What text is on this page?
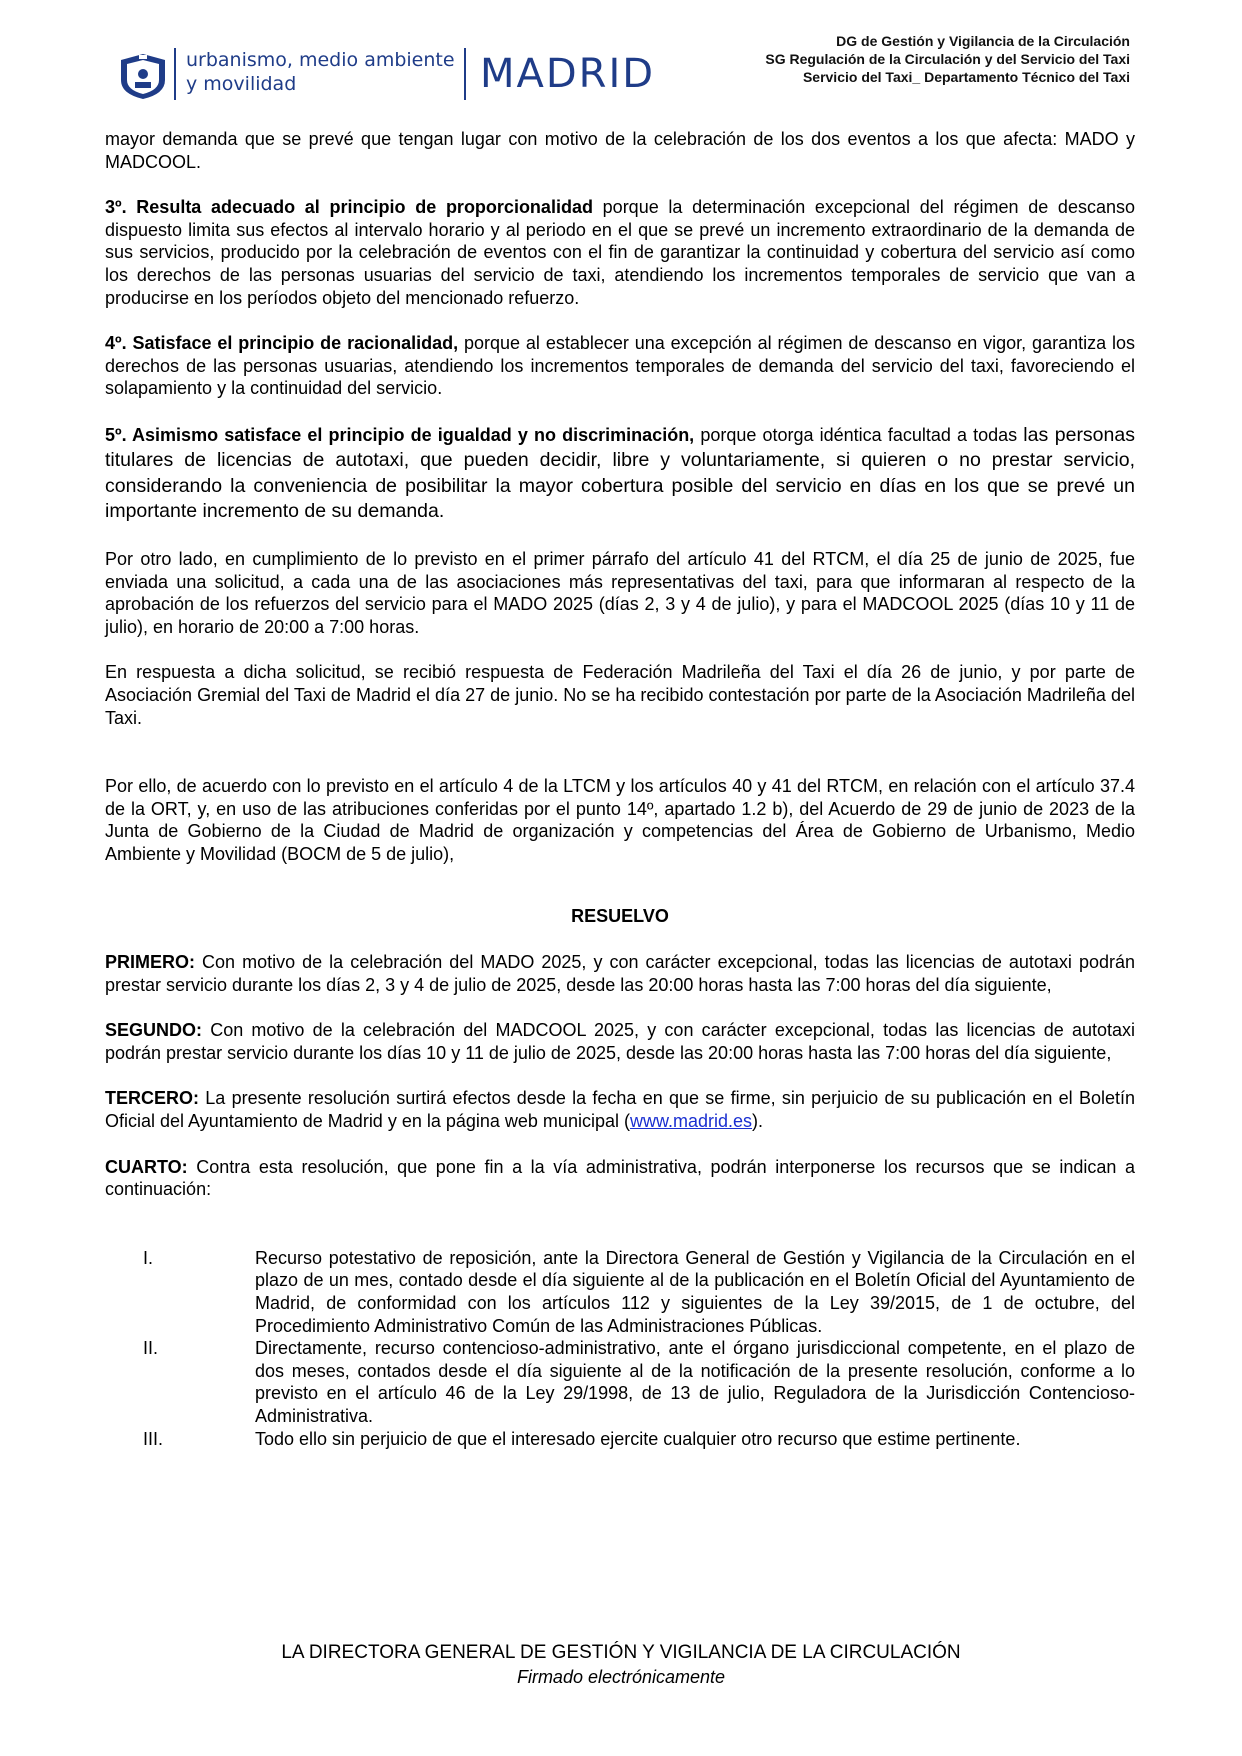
urbanismo, medio ambiente
y movilidad	MADRID
DG de Gestión y Vigilancia de la Circulación
SG Regulación de la Circulación y del Servicio del Taxi
Servicio del Taxi_ Departamento Técnico del Taxi

mayor demanda que se prevé que tengan lugar con motivo de la celebración de los dos eventos a los que afecta: MADO y MADCOOL.

3º. Resulta adecuado al principio de proporcionalidad porque la determinación excepcional del régimen de descanso dispuesto limita sus efectos al intervalo horario y al periodo en el que se prevé un incremento extraordinario de la demanda de sus servicios, producido por la celebración de eventos con el fin de garantizar la continuidad y cobertura del servicio así como los derechos de las personas usuarias del servicio de taxi, atendiendo los incrementos temporales de servicio que van a producirse en los períodos objeto del mencionado refuerzo.

4º. Satisface el principio de racionalidad, porque al establecer una excepción al régimen de descanso en vigor, garantiza los derechos de las personas usuarias, atendiendo los incrementos temporales de demanda del servicio del taxi, favoreciendo el solapamiento y la continuidad del servicio.

5º. Asimismo satisface el principio de igualdad y no discriminación, porque otorga idéntica facultad a todas las personas titulares de licencias de autotaxi, que pueden decidir, libre y voluntariamente, si quieren o no prestar servicio, considerando la conveniencia de posibilitar la mayor cobertura posible del servicio en días en los que se prevé un importante incremento de su demanda.

Por otro lado, en cumplimiento de lo previsto en el primer párrafo del artículo 41 del RTCM, el día 25 de junio de 2025, fue enviada una solicitud, a cada una de las asociaciones más representativas del taxi, para que informaran al respecto de la aprobación de los refuerzos del servicio para el MADO 2025 (días 2, 3 y 4 de julio), y para el MADCOOL 2025 (días 10 y 11 de julio), en horario de 20:00 a 7:00 horas.

En respuesta a dicha solicitud, se recibió respuesta de Federación Madrileña del Taxi el día 26 de junio, y por parte de Asociación Gremial del Taxi de Madrid el día 27 de junio. No se ha recibido contestación por parte de la Asociación Madrileña del Taxi.

Por ello, de acuerdo con lo previsto en el artículo 4 de la LTCM y los artículos 40 y 41 del RTCM, en relación con el artículo 37.4 de la ORT, y, en uso de las atribuciones conferidas por el punto 14º, apartado 1.2 b), del Acuerdo de 29 de junio de 2023 de la Junta de Gobierno de la Ciudad de Madrid de organización y competencias del Área de Gobierno de Urbanismo, Medio Ambiente y Movilidad (BOCM de 5 de julio),

RESUELVO

PRIMERO: Con motivo de la celebración del MADO 2025, y con carácter excepcional, todas las licencias de autotaxi podrán prestar servicio durante los días 2, 3 y 4 de julio de 2025, desde las 20:00 horas hasta las 7:00 horas del día siguiente,

SEGUNDO: Con motivo de la celebración del MADCOOL 2025, y con carácter excepcional, todas las licencias de autotaxi podrán prestar servicio durante los días 10 y 11 de julio de 2025, desde las 20:00 horas hasta las 7:00 horas del día siguiente,

TERCERO: La presente resolución surtirá efectos desde la fecha en que se firme, sin perjuicio de su publicación en el Boletín Oficial del Ayuntamiento de Madrid y en la página web municipal (www.madrid.es).

CUARTO: Contra esta resolución, que pone fin a la vía administrativa, podrán interponerse los recursos que se indican a continuación:

I.	Recurso potestativo de reposición, ante la Directora General de Gestión y Vigilancia de la Circulación en el plazo de un mes, contado desde el día siguiente al de la publicación en el Boletín Oficial del Ayuntamiento de Madrid, de conformidad con los artículos 112 y siguientes de la Ley 39/2015, de 1 de octubre, del Procedimiento Administrativo Común de las Administraciones Públicas.
II.	Directamente, recurso contencioso-administrativo, ante el órgano jurisdiccional competente, en el plazo de dos meses, contados desde el día siguiente al de la notificación de la presente resolución, conforme a lo previsto en el artículo 46 de la Ley 29/1998, de 13 de julio, Reguladora de la Jurisdicción Contencioso-Administrativa.
III.	Todo ello sin perjuicio de que el interesado ejercite cualquier otro recurso que estime pertinente.
LA DIRECTORA GENERAL DE GESTIÓN Y VIGILANCIA DE LA CIRCULACIÓN
Firmado electrónicamente
